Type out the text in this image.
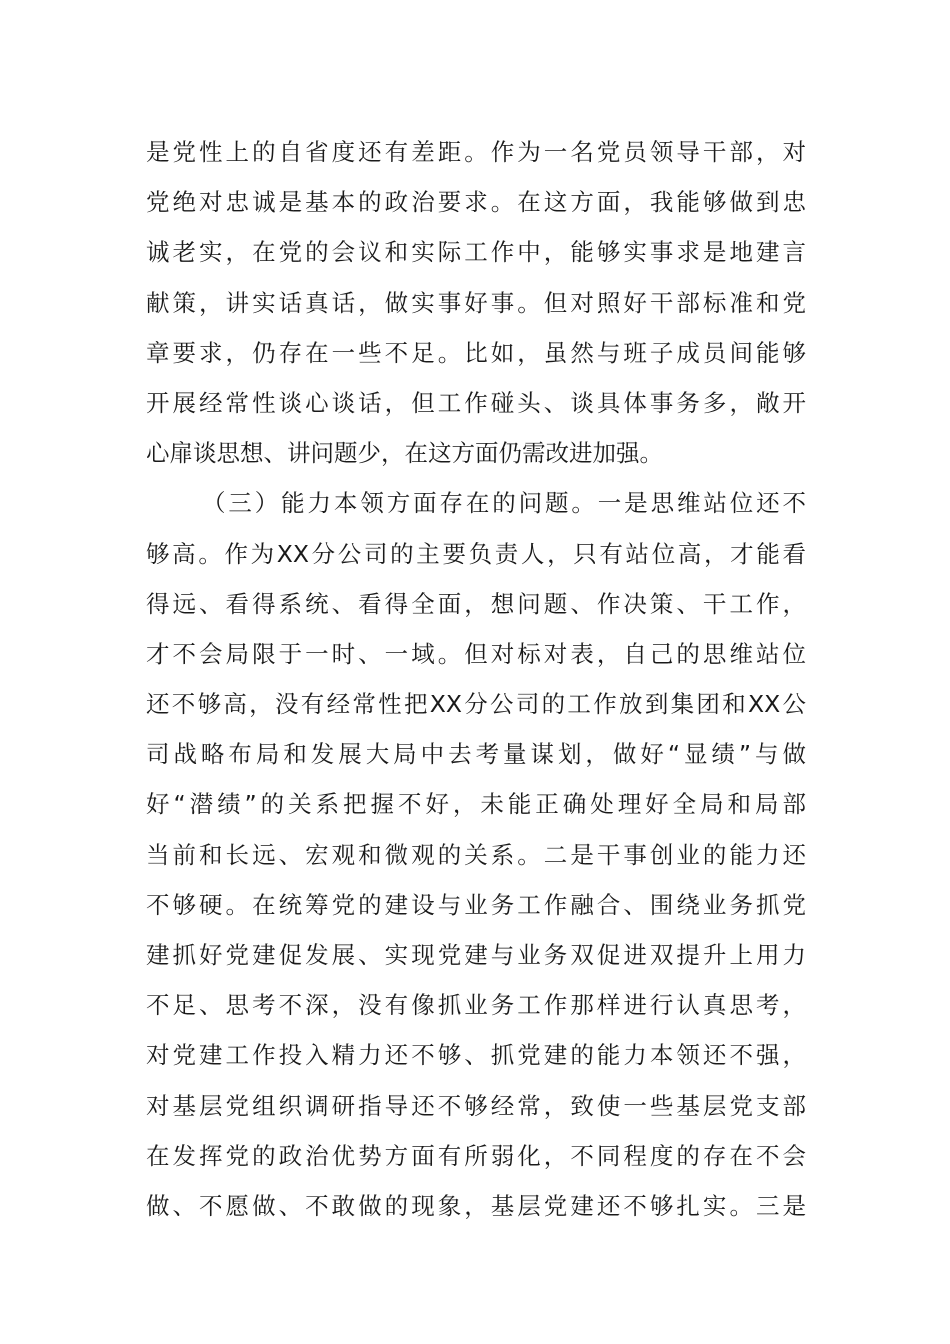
是党性上的自省度还有差距。作为一名党员领导干部，对
党绝对忠诚是基本的政治要求。在这方面，我能够做到忠
诚老实，在党的会议和实际工作中，能够实事求是地建言
献策，讲实话真话，做实事好事。但对照好干部标准和党
章要求，仍存在一些不足。比如，虽然与班子成员间能够
开展经常性谈心谈话，但工作碰头、谈具体事务多，敞开
心扉谈思想、讲问题少，在这方面仍需改进加强。
（三）能力本领方面存在的问题。一是思维站位还不
够高。作为XX分公司的主要负责人，只有站位高，才能看
得远、看得系统、看得全面，想问题、作决策、干工作，
才不会局限于一时、一域。但对标对表，自己的思维站位
还不够高，没有经常性把XX分公司的工作放到集团和XX公
司战略布局和发展大局中去考量谋划，做好“显绩”与做
好“潜绩”的关系把握不好，未能正确处理好全局和局部
当前和长远、宏观和微观的关系。二是干事创业的能力还
不够硬。在统筹党的建设与业务工作融合、围绕业务抓党
建抓好党建促发展、实现党建与业务双促进双提升上用力
不足、思考不深，没有像抓业务工作那样进行认真思考，
对党建工作投入精力还不够、抓党建的能力本领还不强，
对基层党组织调研指导还不够经常，致使一些基层党支部
在发挥党的政治优势方面有所弱化，不同程度的存在不会
做、不愿做、不敢做的现象，基层党建还不够扎实。三是
